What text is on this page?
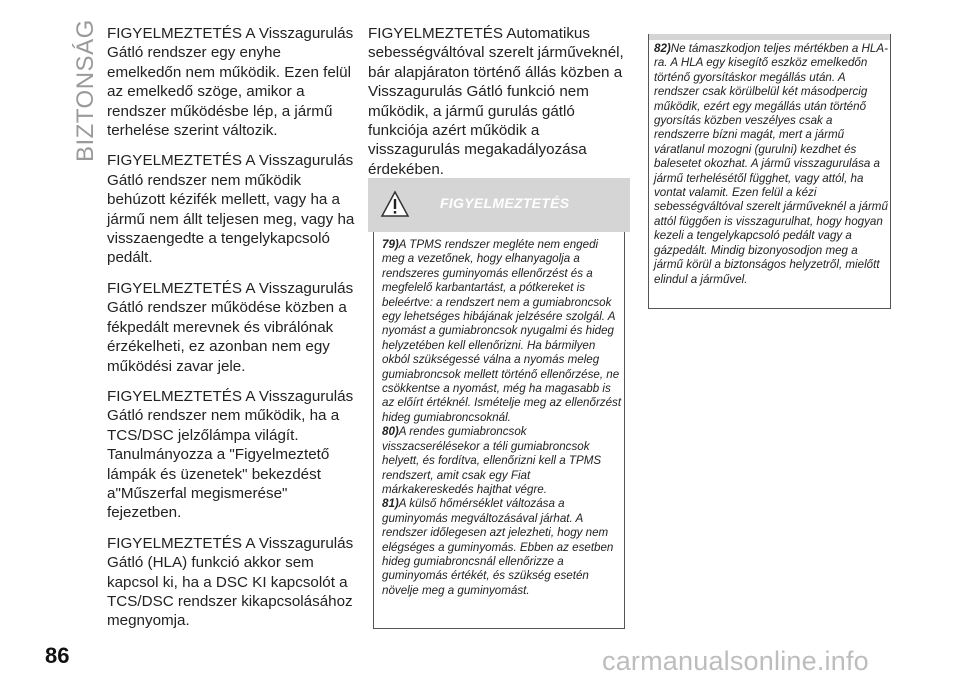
BIZTONSÁG FIGYELMEZTETÉS A Visszagurulás Gátló rendszer egy enyhe emelkedőn nem működik. Ezen felül az emelkedő szöge, amikor a rendszer működésbe lép, a jármű terhelése szerint változik.

FIGYELMEZTETÉS A Visszagurulás Gátló rendszer nem működik behúzott kézifék mellett, vagy ha a jármű nem állt teljesen meg, vagy ha visszaengedte a tengelykapcsoló pedált.

FIGYELMEZTETÉS A Visszagurulás Gátló rendszer működése közben a fékpedált merevnek és vibrálónak érzékelheti, ez azonban nem egy működési zavar jele.

FIGYELMEZTETÉS A Visszagurulás Gátló rendszer nem működik, ha a TCS/DSC jelzőlámpa világít. Tanulmányozza a "Figyelmeztető lámpák és üzenetek" bekezdést a"Műszerfal megismerése" fejezetben.

FIGYELMEZTETÉS A Visszagurulás Gátló (HLA) funkció akkor sem kapcsol ki, ha a DSC KI kapcsolót a TCS/DSC rendszer kikapcsolásához megnyomja.

FIGYELMEZTETÉS Automatikus sebességváltóval szerelt járműveknél, bár alapjáraton történő állás közben a Visszagurulás Gátló funkció nem működik, a jármű gurulás gátló funkciója azért működik a visszagurulás megakadályozása érdekében.

FIGYELMEZTETÉS

79)A TPMS rendszer megléte nem engedi meg a vezetőnek, hogy elhanyagolja a rendszeres guminyomás ellenőrzést és a megfelelő karbantartást, a pótkereket is beleértve: a rendszert nem a gumiabroncsok egy lehetséges hibájának jelzésére szolgál. A nyomást a gumiabroncsok nyugalmi és hideg helyzetében kell ellenőrizni. Ha bármilyen okból szükségessé válna a nyomás meleg gumiabroncsok mellett történő ellenőrzése, ne csökkentse a nyomást, még ha magasabb is az előírt értéknél. Ismételje meg az ellenőrzést hideg gumiabroncsoknál.

80)A rendes gumiabroncsok visszacserélésekor a téli gumiabroncsok helyett, és fordítva, ellenőrizni kell a TPMS rendszert, amit csak egy Fiat márkakereskedés hajthat végre.

81)A külső hőmérséklet változása a guminyomás megváltozásával járhat. A rendszer időlegesen azt jelezheti, hogy nem elégséges a guminyomás. Ebben az esetben hideg gumiabroncsnál ellenőrizze a guminyomás értékét, és szükség esetén növelje meg a guminyomást.

82)Ne támaszkodjon teljes mértékben a HLA-ra. A HLA egy kisegítő eszköz emelkedőn történő gyorsításkor megállás után. A rendszer csak körülbelül két másodpercig működik, ezért egy megállás után történő gyorsítás közben veszélyes csak a rendszerre bízni magát, mert a jármű váratlanul mozogni (gurulni) kezdhet és balesetet okozhat. A jármű visszagurulása a jármű terhelésétől függhet, vagy attól, ha vontat valamit. Ezen felül a kézi sebességváltóval szerelt járműveknél a jármű attól függően is visszagurulhat, hogy hogyan kezeli a tengelykapcsoló pedált vagy a gázpedált. Mindig bizonyosodjon meg a jármű körül a biztonságos helyzetről, mielőtt elindul a járművel.

86	carmanualsonline.info
